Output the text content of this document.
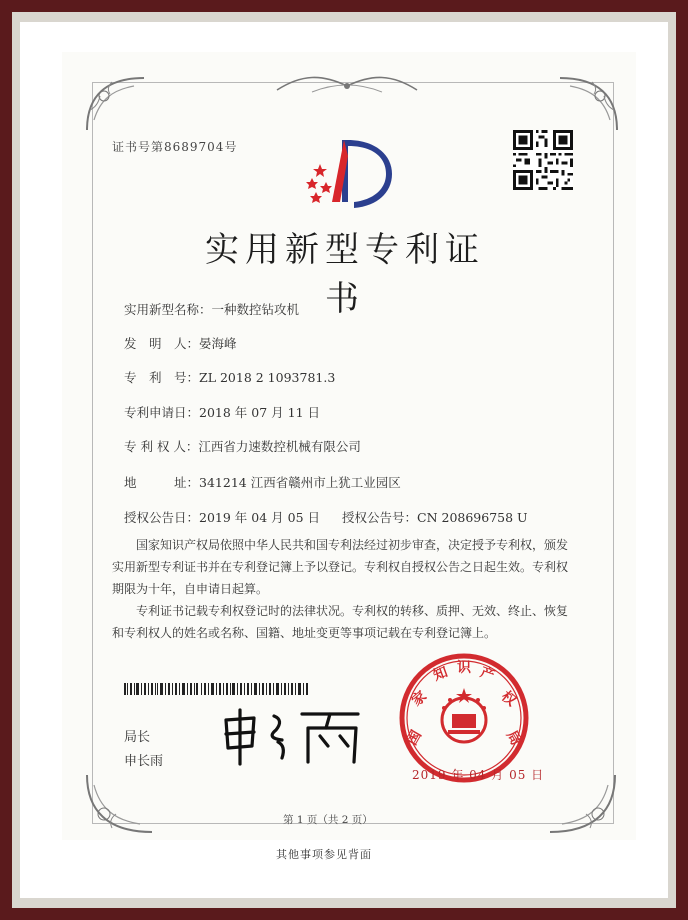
证书号第8689704号
实用新型专利证书
实用新型名称：一种数控钻攻机
发　明　人：晏海峰
专　利　号：ZL 2018 2 1093781.3
专利申请日：2018 年 07 月 11 日
专 利 权 人：江西省力速数控机械有限公司
地　　　址：341214 江西省赣州市上犹工业园区
授权公告日：2019 年 04 月 05 日 授权公告号：CN 208696758 U
国家知识产权局依照中华人民共和国专利法经过初步审查，决定授予专利权，颁发实用新型专利证书并在专利登记簿上予以登记。专利权自授权公告之日起生效。专利权期限为十年，自申请日起算。
专利证书记载专利权登记时的法律状况。专利权的转移、质押、无效、终止、恢复和专利权人的姓名或名称、国籍、地址变更等事项记载在专利登记簿上。
局长
申长雨
国
家
知 识 产
权
局
2019 年 04 月 05 日
第 1 页（共 2 页）
其他事项参见背面
